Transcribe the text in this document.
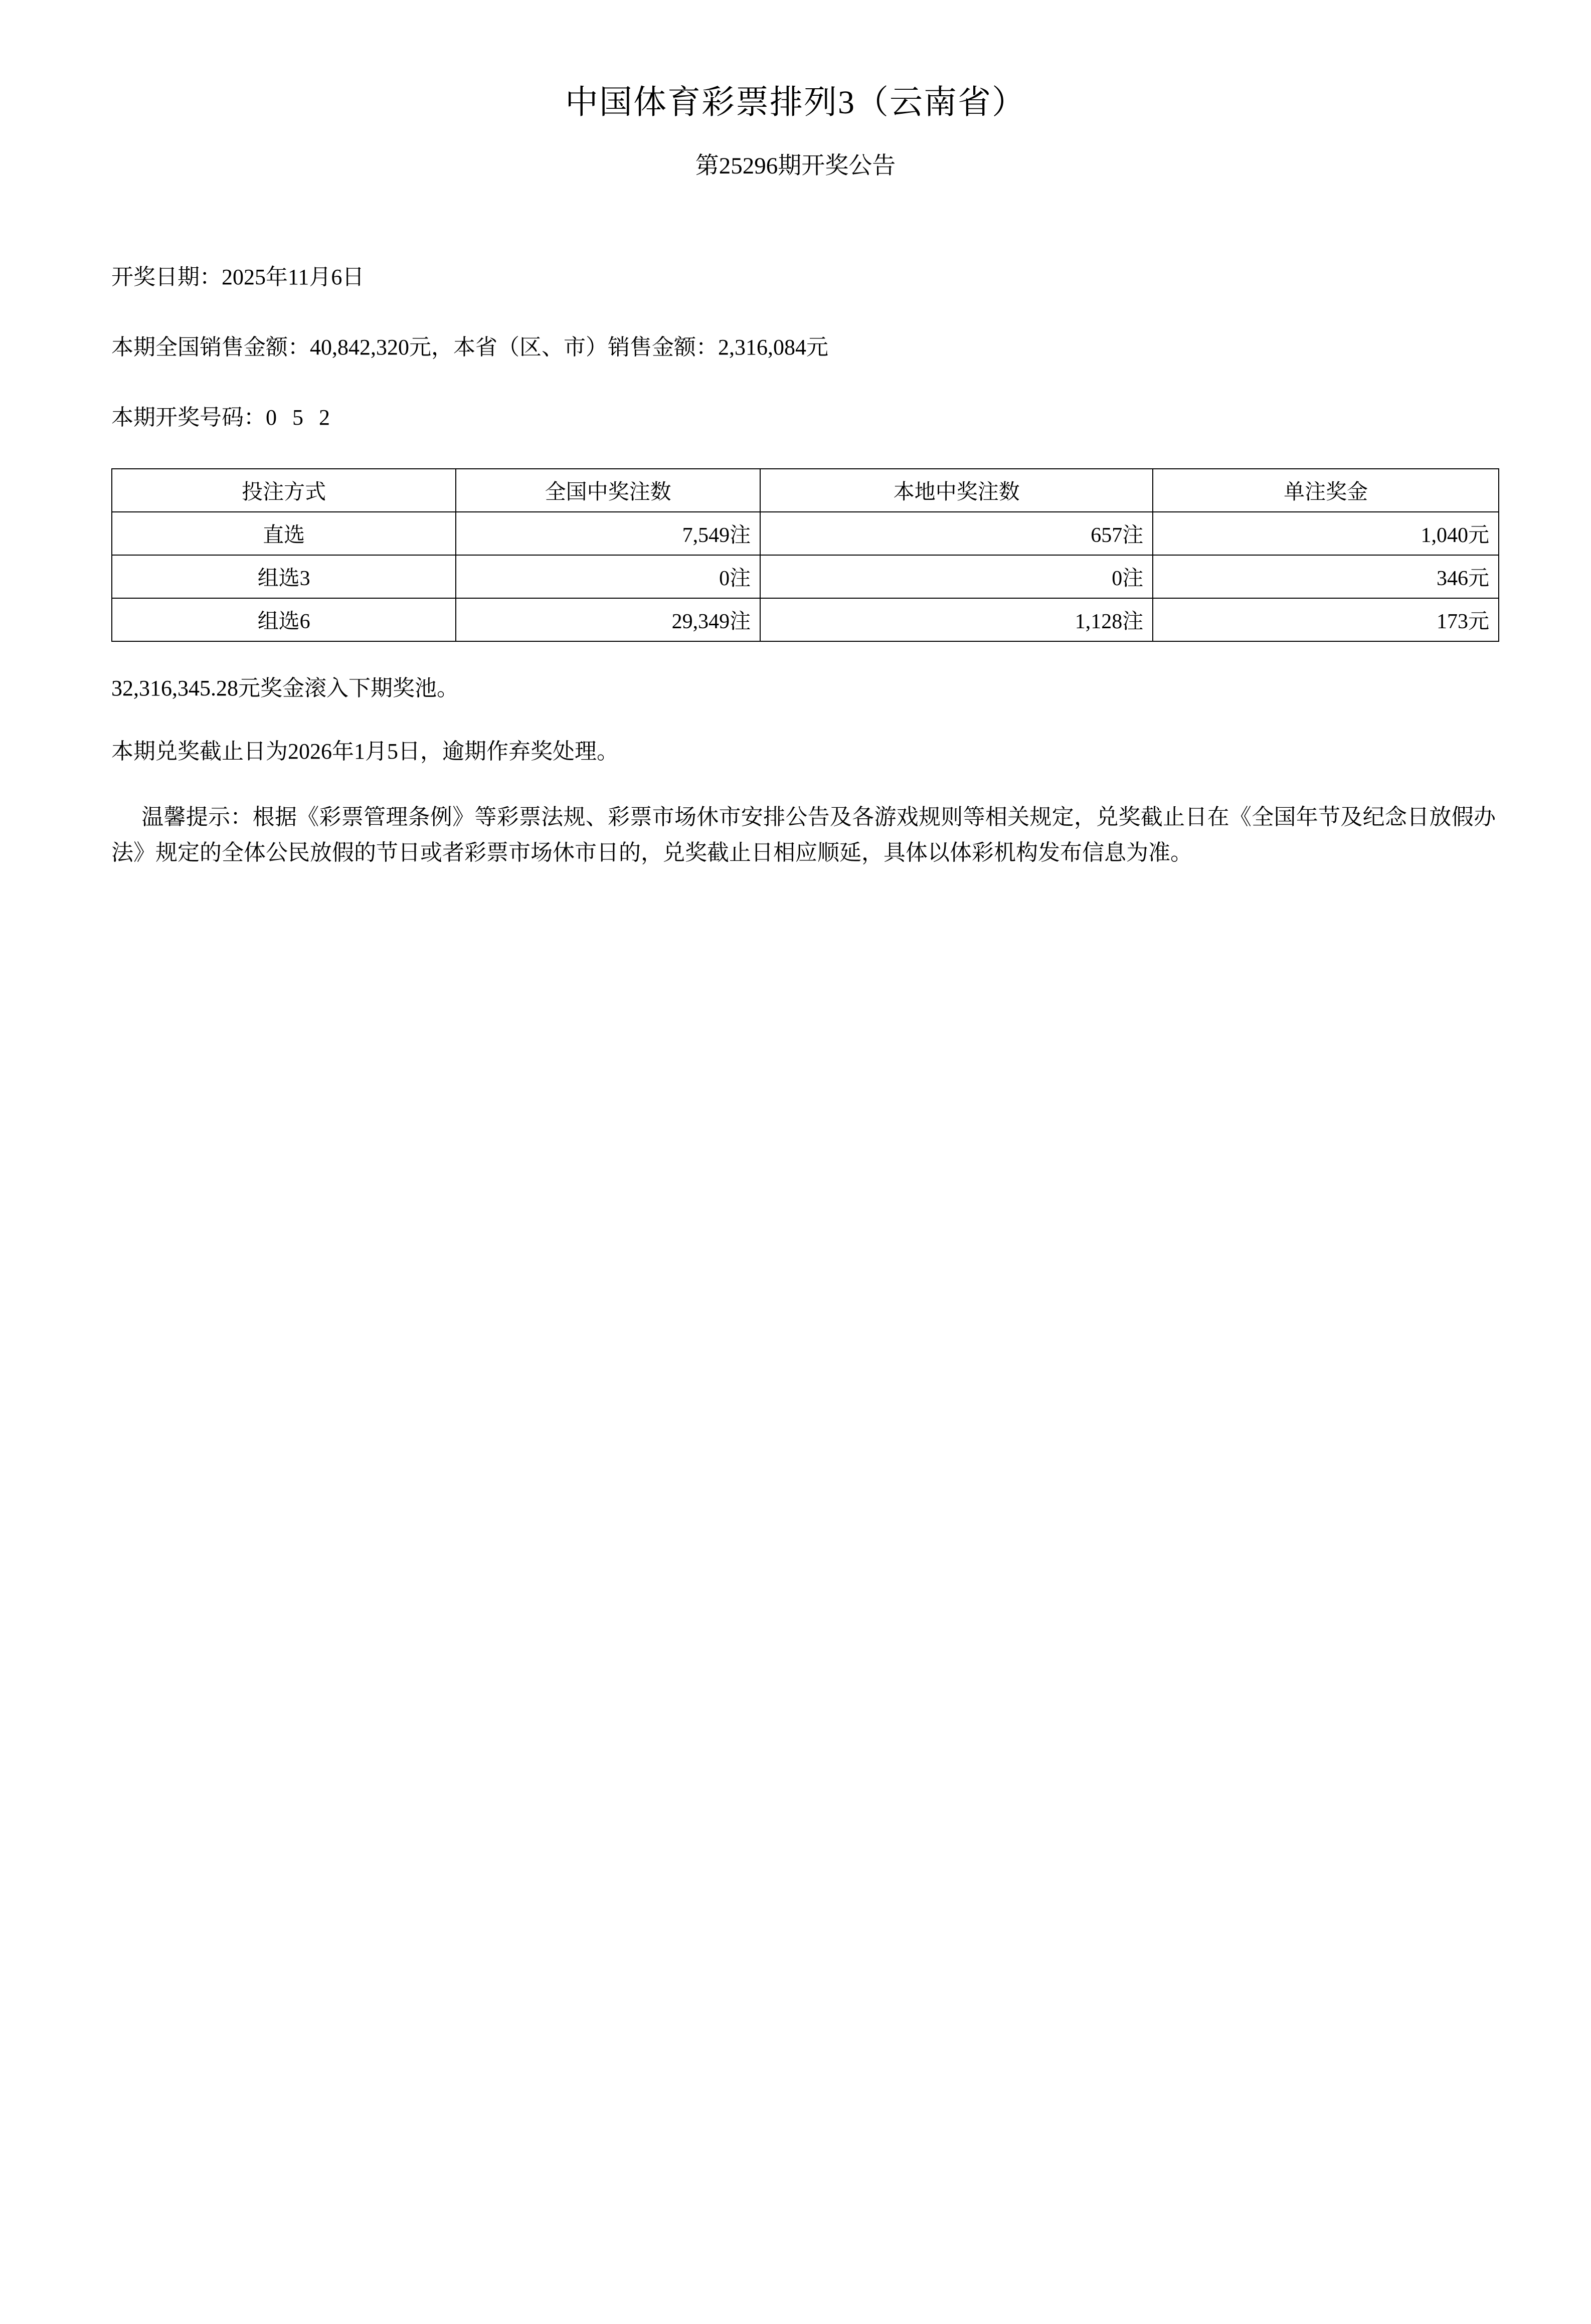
中国体育彩票排列3（云南省）
第25296期开奖公告
开奖日期：2025年11月6日
本期全国销售金额：40,842,320元，本省（区、市）销售金额：2,316,084元
本期开奖号码：0 5 2
投注方式	全国中奖注数	本地中奖注数	单注奖金
直选	7,549注	657注	1,040元
组选3	0注	0注	346元
组选6	29,349注	1,128注	173元
32,316,345.28元奖金滚入下期奖池。
本期兑奖截止日为2026年1月5日，逾期作弃奖处理。
温馨提示：根据《彩票管理条例》等彩票法规、彩票市场休市安排公告及各游戏规则等相关规定，兑奖截止日在《全国年节及纪念日放假办法》规定的全体公民放假的节日或者彩票市场休市日的，兑奖截止日相应顺延，具体以体彩机构发布信息为准。
